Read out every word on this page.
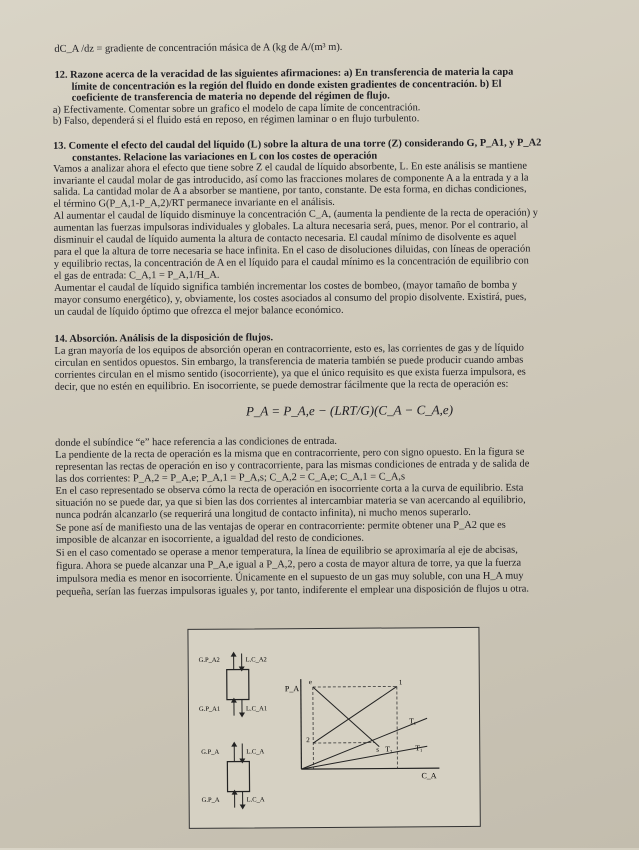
dC_A /dz = gradiente de concentración másica de A (kg de A/(m³ m).
12. Razone acerca de la veracidad de las siguientes afirmaciones: a) En transferencia de materia la capa
límite de concentración es la región del fluido en donde existen gradientes de concentración. b) El
coeficiente de transferencia de materia no depende del régimen de flujo.
a) Efectivamente. Comentar sobre un grafico el modelo de capa límite de concentración.
b) Falso, dependerá si el fluido está en reposo, en régimen laminar o en flujo turbulento.
13. Comente el efecto del caudal del líquido (L) sobre la altura de una torre (Z) considerando G, P_A1, y P_A2
constantes. Relacione las variaciones en L con los costes de operación
Vamos a analizar ahora el efecto que tiene sobre Z el caudal de líquido absorbente, L. En este análisis se mantiene
invariante el caudal molar de gas introducido, así como las fracciones molares de componente A a la entrada y a la
salida. La cantidad molar de A a absorber se mantiene, por tanto, constante. De esta forma, en dichas condiciones,
el término G(P_A,1-P_A,2)/RT permanece invariante en el análisis.
Al aumentar el caudal de líquido disminuye la concentración C_A, (aumenta la pendiente de la recta de operación) y
aumentan las fuerzas impulsoras individuales y globales. La altura necesaria será, pues, menor. Por el contrario, al
disminuir el caudal de líquido aumenta la altura de contacto necesaria. El caudal mínimo de disolvente es aquel
para el que la altura de torre necesaria se hace infinita. En el caso de disoluciones diluidas, con líneas de operación
y equilibrio rectas, la concentración de A en el líquido para el caudal mínimo es la concentración de equilibrio con
el gas de entrada: C_A,1 = P_A,1/H_A.
Aumentar el caudal de líquido significa también incrementar los costes de bombeo, (mayor tamaño de bomba y
mayor consumo energético), y, obviamente, los costes asociados al consumo del propio disolvente. Existirá, pues,
un caudal de líquido óptimo que ofrezca el mejor balance económico.
14. Absorción. Análisis de la disposición de flujos.
La gran mayoría de los equipos de absorción operan en contracorriente, esto es, las corrientes de gas y de líquido
circulan en sentidos opuestos. Sin embargo, la transferencia de materia también se puede producir cuando ambas
corrientes circulan en el mismo sentido (isocorriente), ya que el único requisito es que exista fuerza impulsora, es
decir, que no estén en equilibrio. En isocorriente, se puede demostrar fácilmente que la recta de operación es:
donde el subíndice “e” hace referencia a las condiciones de entrada.
La pendiente de la recta de operación es la misma que en contracorriente, pero con signo opuesto. En la figura se
representan las rectas de operación en iso y contracorriente, para las mismas condiciones de entrada y de salida de
las dos corrientes: P_A,2 = P_A,e; P_A,1 = P_A,s; C_A,2 = C_A,e; C_A,1 = C_A,s
En el caso representado se observa cómo la recta de operación en isocorriente corta a la curva de equilibrio. Esta
situación no se puede dar, ya que si bien las dos corrientes al intercambiar materia se van acercando al equilibrio,
nunca podrán alcanzarlo (se requerirá una longitud de contacto infinita), ni mucho menos superarlo.
Se pone así de manifiesto una de las ventajas de operar en contracorriente: permite obtener una P_A2 que es
imposible de alcanzar en isocorriente, a igualdad del resto de condiciones.
Si en el caso comentado se operase a menor temperatura, la línea de equilibrio se aproximaría al eje de abcisas,
figura. Ahora se puede alcanzar una P_A,e igual a P_A,2, pero a costa de mayor altura de torre, ya que la fuerza
impulsora media es menor en isocorriente. Únicamente en el supuesto de un gas muy soluble, con una H_A muy
pequeña, serían las fuerzas impulsoras iguales y, por tanto, indiferente el emplear una disposición de flujos u otra.
P_A = P_A,e − (LRT/G)(C_A − C_A,e)
G.P_A2	L.C_A2
G.P_A1	L.C_A1
G.P_A	L.C_A
G.P_A	L.C_A
P_A
C_A
e	1
2
s
T₁
T₂	T₁
